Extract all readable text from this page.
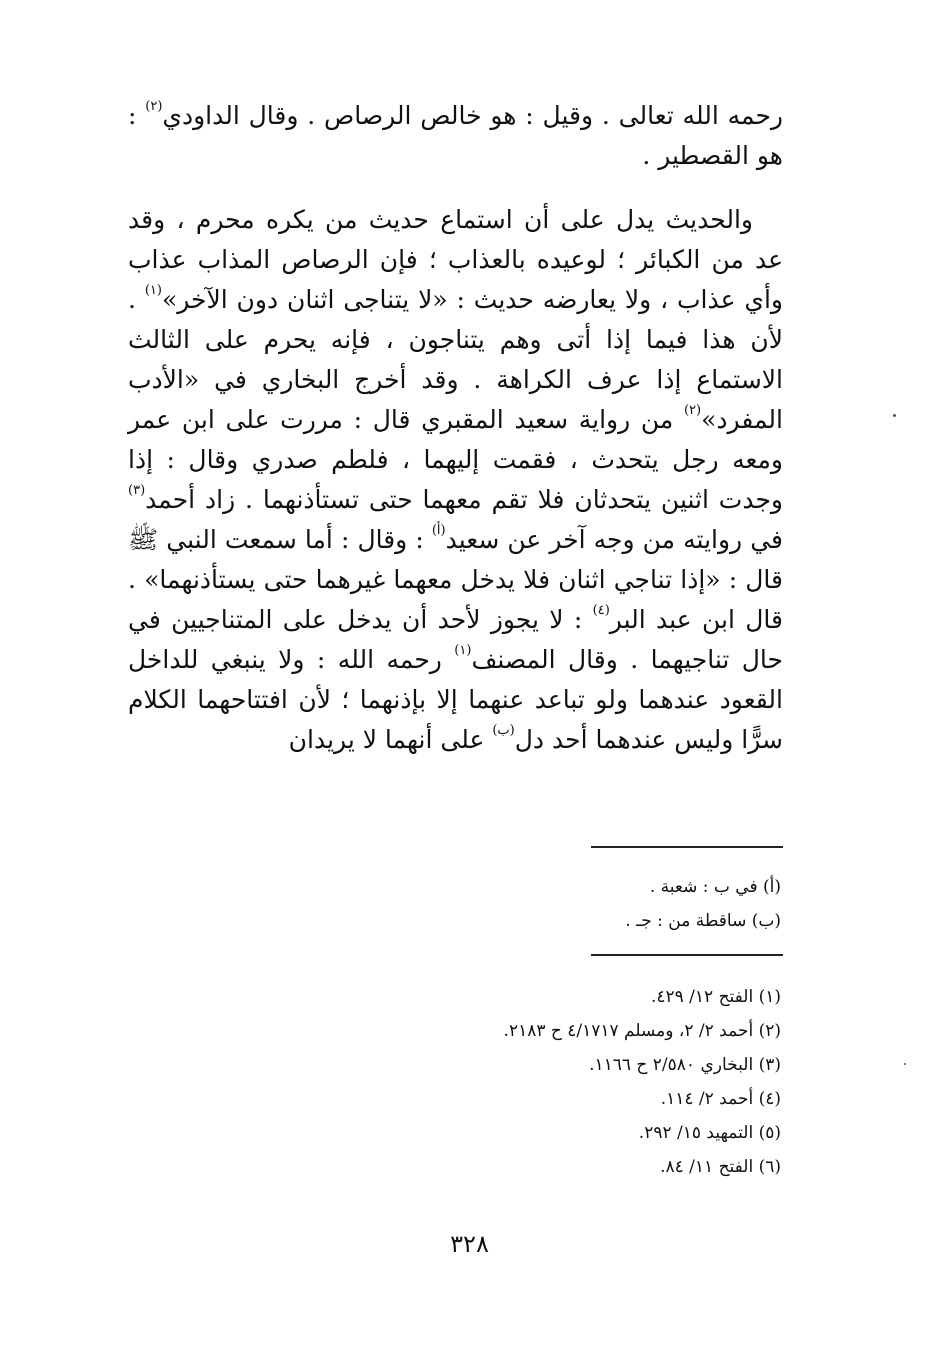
رحمه الله تعالى . وقيل : هو خالص الرصاص . وقال الداودي$^{(٢)}$ : هو القصطير .

والحديث يدل على أن استماع حديث من يكره محرم ، وقد عد من الكبائر ؛ لوعيده بالعذاب ؛ فإن الرصاص المذاب عذاب وأي عذاب ، ولا يعارضه حديث : «لا يتناجى اثنان دون الآخر»$^{(١)}$ . لأن هذا فيما إذا أتى وهم يتناجون ، فإنه يحرم على الثالث الاستماع إذا عرف الكراهة . وقد أخرج البخاري في «الأدب المفرد»$^{(٢)}$ من رواية سعيد المقبري قال : مررت على ابن عمر ومعه رجل يتحدث ، فقمت إليهما ، فلطم صدري وقال : إذا وجدت اثنين يتحدثان فلا تقم معهما حتى تستأذنهما . زاد أحمد$^{(٣)}$ في روايته من وجه آخر عن سعيد$^{(أ)}$ : وقال : أما سمعت النبي ﷺ قال : «إذا تناجي اثنان فلا يدخل معهما غيرهما حتى يستأذنهما» . قال ابن عبد البر$^{(٤)}$ : لا يجوز لأحد أن يدخل على المتناجيين في حال تناجيهما . وقال المصنف$^{(١)}$ رحمه الله : ولا ينبغي للداخل القعود عندهما ولو تباعد عنهما إلا بإذنهما ؛ لأن افتتاحهما الكلام سرًّا وليس عندهما أحد دل$^{(ب)}$ على أنهما لا يريدان

(أ) في ب : شعبة .
(ب) ساقطة من : جـ .
(١) الفتح ١٢/ ٤٢٩.
(٢) أحمد ٢/ ٢، ومسلم ٤/١٧١٧ ح ٢١٨٣.
(٣) البخاري ٢/٥٨٠ ح ١١٦٦.
(٤) أحمد ٢/ ١١٤.
(٥) التمهيد ١٥/ ٢٩٢.
(٦) الفتح ١١/ ٨٤.
٣٢٨
